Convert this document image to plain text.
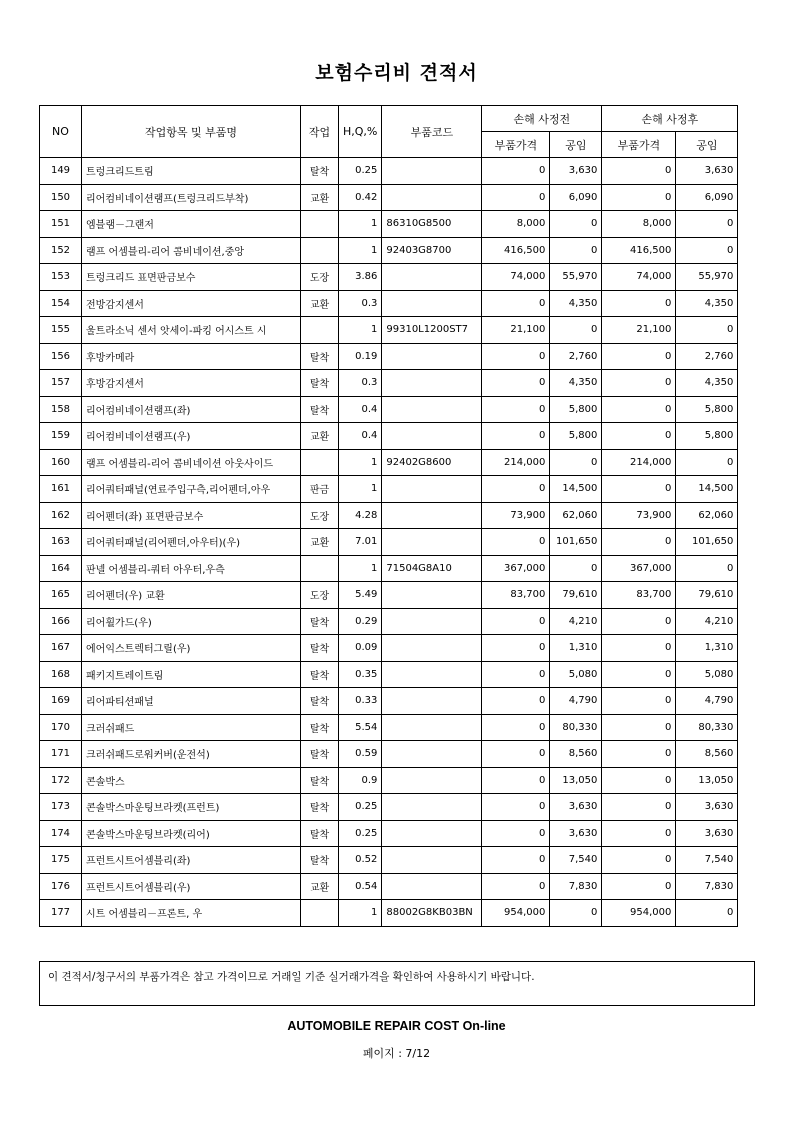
보험수리비 견적서
NO	작업항목 및 부품명	작업	H,Q,%	부품코드	손해 사정전		손해 사정후	
					부품가격	공임	부품가격	공임
149	트렁크리드트림	탈착	0.25		0	3,630	0	3,630
150	리어컴비네이션램프(트렁크리드부착)	교환	0.42		0	6,090	0	6,090
151	엠블램－그랜저		1	86310G8500	8,000	0	8,000	0
152	램프 어셈블리-리어 콤비네이션,중앙		1	92403G8700	416,500	0	416,500	0
153	트렁크리드 표면판금보수	도장	3.86		74,000	55,970	74,000	55,970
154	전방감지센서	교환	0.3		0	4,350	0	4,350
155	울트라소닉 센서 앗세이-파킹 어시스트 시		1	99310L1200ST7	21,100	0	21,100	0
156	후방카메라	탈착	0.19		0	2,760	0	2,760
157	후방감지센서	탈착	0.3		0	4,350	0	4,350
158	리어컴비네이션램프(좌)	탈착	0.4		0	5,800	0	5,800
159	리어컴비네이션램프(우)	교환	0.4		0	5,800	0	5,800
160	램프 어셈블리-리어 콤비네이션 아웃사이드		1	92402G8600	214,000	0	214,000	0
161	리어쿼터패널(연료주입구측,리어펜더,아우	판금	1		0	14,500	0	14,500
162	리어펜더(좌) 표면판금보수	도장	4.28		73,900	62,060	73,900	62,060
163	리어쿼터패널(리어펜더,아우터)(우)	교환	7.01		0	101,650	0	101,650
164	판넬 어셈블리-쿼터 아우터,우측		1	71504G8A10	367,000	0	367,000	0
165	리어펜더(우) 교환	도장	5.49		83,700	79,610	83,700	79,610
166	리어휠가드(우)	탈착	0.29		0	4,210	0	4,210
167	에어익스트렉터그릴(우)	탈착	0.09		0	1,310	0	1,310
168	패키지트레이트림	탈착	0.35		0	5,080	0	5,080
169	리어파티션패널	탈착	0.33		0	4,790	0	4,790
170	크러쉬패드	탈착	5.54		0	80,330	0	80,330
171	크러쉬패드로워커버(운전석)	탈착	0.59		0	8,560	0	8,560
172	콘솔박스	탈착	0.9		0	13,050	0	13,050
173	콘솔박스마운팅브라켓(프런트)	탈착	0.25		0	3,630	0	3,630
174	콘솔박스마운팅브라켓(리어)	탈착	0.25		0	3,630	0	3,630
175	프런트시트어셈블리(좌)	탈착	0.52		0	7,540	0	7,540
176	프런트시트어셈블리(우)	교환	0.54		0	7,830	0	7,830
177	시트 어셈블리－프론트, 우		1	88002G8KB03BN	954,000	0	954,000	0
이 견적서/청구서의 부품가격은 참고 가격이므로 거래일 기준 실거래가격을 확인하여 사용하시기 바랍니다.
AUTOMOBILE REPAIR COST On-line
페이지 : 7/12
